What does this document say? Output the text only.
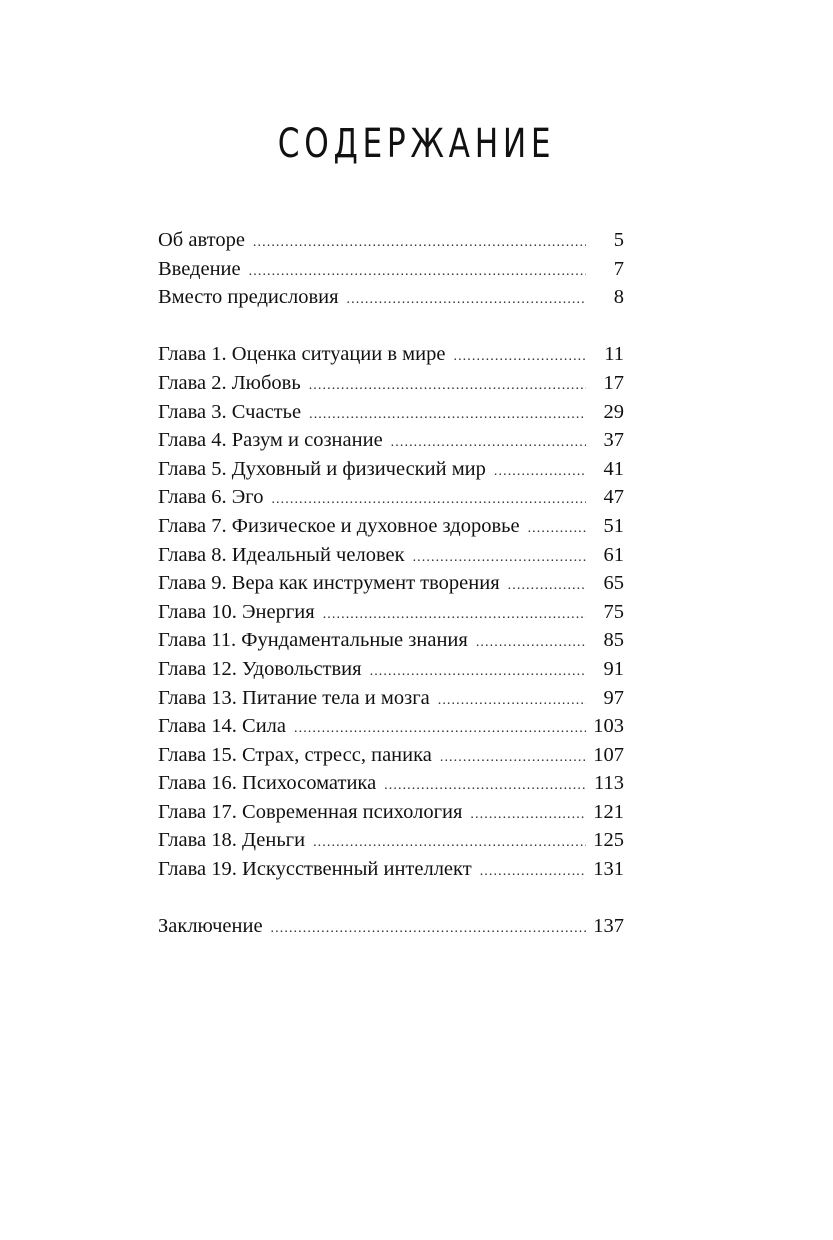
СОДЕРЖАНИЕ
Об авторе . . .	5
Введение . . .	7
Вместо предисловия . . .	8
Глава 1. Оценка ситуации в мире . . .	11
Глава 2. Любовь . . .	17
Глава 3. Счастье . . .	29
Глава 4. Разум и сознание . . .	37
Глава 5. Духовный и физический мир . . .	41
Глава 6. Эго . . .	47
Глава 7. Физическое и духовное здоровье . . .	51
Глава 8. Идеальный человек . . .	61
Глава 9. Вера как инструмент творения . . .	65
Глава 10. Энергия . . .	75
Глава 11. Фундаментальные знания . . .	85
Глава 12. Удовольствия . . .	91
Глава 13. Питание тела и мозга . . .	97
Глава 14. Сила . . .	103
Глава 15. Страх, стресс, паника . . .	107
Глава 16. Психосоматика . . .	113
Глава 17. Современная психология . . .	121
Глава 18. Деньги . . .	125
Глава 19. Искусственный интеллект . . .	131
Заключение . . .	137
